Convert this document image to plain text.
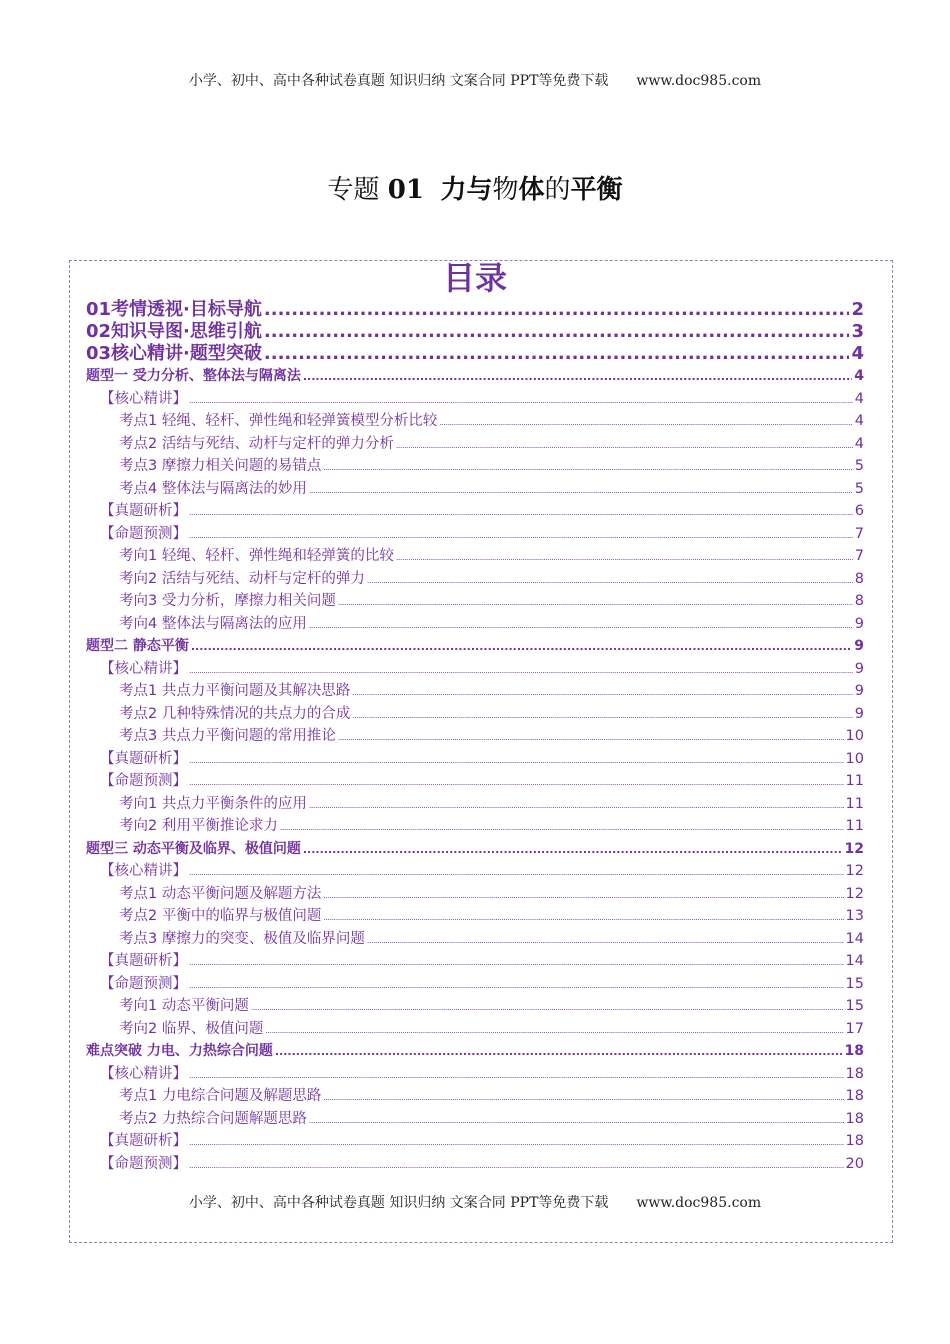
小学、初中、高中各种试卷真题 知识归纳 文案合同 PPT等免费下载 www.doc985.com
专题 01 力与物体的平衡
目录
01考情透视·目标导航 .....	2
02知识导图·思维引航 .....	3
03核心精讲·题型突破 .....	4
题型一 受力分析、整体法与隔离法 .....	4
【核心精讲】 .....	4
考点1 轻绳、轻杆、弹性绳和轻弹簧模型分析比较 .....	4
考点2 活结与死结、动杆与定杆的弹力分析 .....	4
考点3 摩擦力相关问题的易错点 .....	5
考点4 整体法与隔离法的妙用 .....	5
【真题研析】 .....	6
【命题预测】 .....	7
考向1 轻绳、轻杆、弹性绳和轻弹簧的比较 .....	7
考向2 活结与死结、动杆与定杆的弹力 .....	8
考向3 受力分析，摩擦力相关问题 .....	8
考向4 整体法与隔离法的应用 .....	9
题型二 静态平衡 .....	9
【核心精讲】 .....	9
考点1 共点力平衡问题及其解决思路 .....	9
考点2 几种特殊情况的共点力的合成 .....	9
考点3 共点力平衡问题的常用推论 .....	10
【真题研析】 .....	10
【命题预测】 .....	11
考向1 共点力平衡条件的应用 .....	11
考向2 利用平衡推论求力 .....	11
题型三 动态平衡及临界、极值问题 .....	12
【核心精讲】 .....	12
考点1 动态平衡问题及解题方法 .....	12
考点2 平衡中的临界与极值问题 .....	13
考点3 摩擦力的突变、极值及临界问题 .....	14
【真题研析】 .....	14
【命题预测】 .....	15
考向1 动态平衡问题 .....	15
考向2 临界、极值问题 .....	17
难点突破 力电、力热综合问题 .....	18
【核心精讲】 .....	18
考点1 力电综合问题及解题思路 .....	18
考点2 力热综合问题解题思路 .....	18
【真题研析】 .....	18
【命题预测】 .....	20
小学、初中、高中各种试卷真题 知识归纳 文案合同 PPT等免费下载 www.doc985.com
